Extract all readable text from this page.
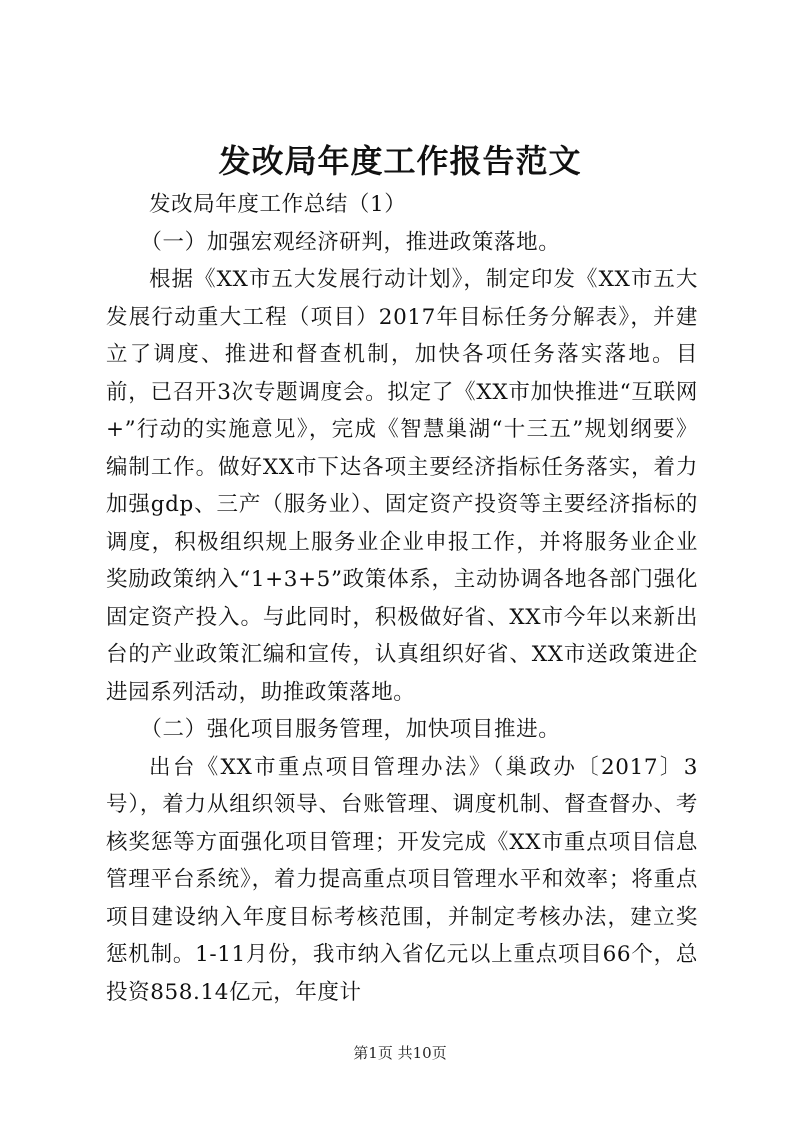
发改局年度工作报告范文

发改局年度工作总结（1）

（一）加强宏观经济研判，推进政策落地。

根据《XX市五大发展行动计划》，制定印发《XX市五大发展行动重大工程（项目）2017年目标任务分解表》，并建立了调度、推进和督查机制，加快各项任务落实落地。目前，已召开3次专题调度会。拟定了《XX市加快推进“互联网+”行动的实施意见》，完成《智慧巢湖“十三五”规划纲要》编制工作。做好XX市下达各项主要经济指标任务落实，着力加强gdp、三产（服务业）、固定资产投资等主要经济指标的调度，积极组织规上服务业企业申报工作，并将服务业企业奖励政策纳入“1+3+5”政策体系，主动协调各地各部门强化固定资产投入。与此同时，积极做好省、XX市今年以来新出台的产业政策汇编和宣传，认真组织好省、XX市送政策进企进园系列活动，助推政策落地。

（二）强化项目服务管理，加快项目推进。

出台《XX市重点项目管理办法》（巢政办〔2017〕3号），着力从组织领导、台账管理、调度机制、督查督办、考核奖惩等方面强化项目管理；开发完成《XX市重点项目信息管理平台系统》，着力提高重点项目管理水平和效率；将重点项目建设纳入年度目标考核范围，并制定考核办法，建立奖惩机制。1-11月份，我市纳入省亿元以上重点项目66个，总投资858.14亿元，年度计

第1页 共10页
